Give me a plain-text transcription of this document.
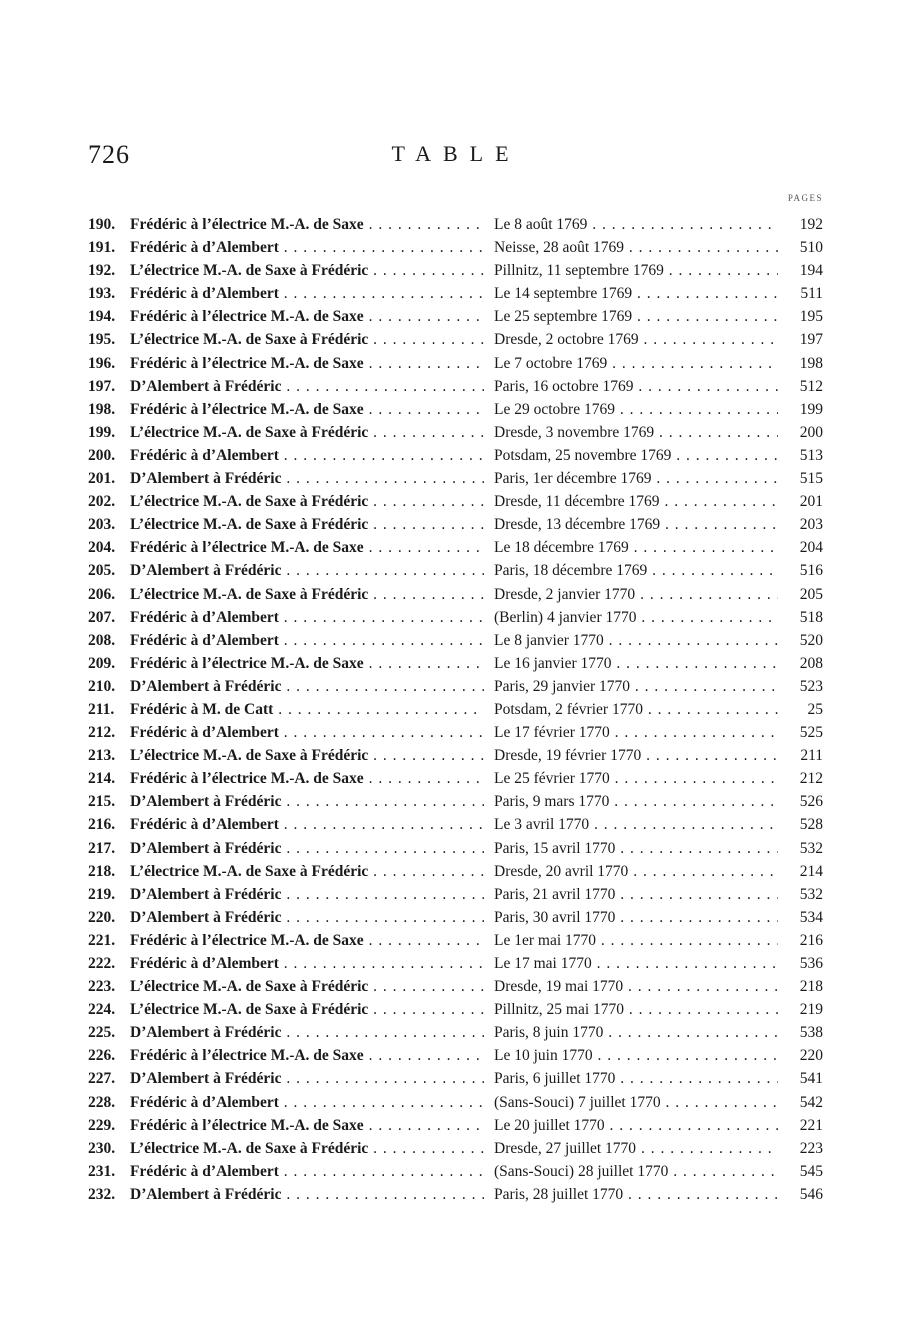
726	TABLE
PAGES
190. Frédéric à l’électrice M.-A. de Saxe . . .	Le 8 août 1769 . . .	192
191. Frédéric à d’Alembert . . .	Neisse, 28 août 1769 . . .	510
192. L’électrice M.-A. de Saxe à Frédéric . . .	Pillnitz, 11 septembre 1769 . . .	194
193. Frédéric à d’Alembert . . .	Le 14 septembre 1769 . . .	511
194. Frédéric à l’électrice M.-A. de Saxe . . .	Le 25 septembre 1769 . . .	195
195. L’électrice M.-A. de Saxe à Frédéric . . .	Dresde, 2 octobre 1769 . . .	197
196. Frédéric à l’électrice M.-A. de Saxe . . .	Le 7 octobre 1769 . . .	198
197. D’Alembert à Frédéric . . .	Paris, 16 octobre 1769 . . .	512
198. Frédéric à l’électrice M.-A. de Saxe . . .	Le 29 octobre 1769 . . .	199
199. L’électrice M.-A. de Saxe à Frédéric . . .	Dresde, 3 novembre 1769 . . .	200
200. Frédéric à d’Alembert . . .	Potsdam, 25 novembre 1769 . . .	513
201. D’Alembert à Frédéric . . .	Paris, 1er décembre 1769 . . .	515
202. L’électrice M.-A. de Saxe à Frédéric . . .	Dresde, 11 décembre 1769 . . .	201
203. L’électrice M.-A. de Saxe à Frédéric . . .	Dresde, 13 décembre 1769 . . .	203
204. Frédéric à l’électrice M.-A. de Saxe . . .	Le 18 décembre 1769 . . .	204
205. D’Alembert à Frédéric . . .	Paris, 18 décembre 1769 . . .	516
206. L’électrice M.-A. de Saxe à Frédéric . . .	Dresde, 2 janvier 1770 . . .	205
207. Frédéric à d’Alembert . . .	(Berlin) 4 janvier 1770 . . .	518
208. Frédéric à d’Alembert . . .	Le 8 janvier 1770 . . .	520
209. Frédéric à l’électrice M.-A. de Saxe . . .	Le 16 janvier 1770 . . .	208
210. D’Alembert à Frédéric . . .	Paris, 29 janvier 1770 . . .	523
211.	Frédéric à M. de Catt . . .	Potsdam, 2 février 1770 . . .	25
212. Frédéric à d’Alembert . . .	Le 17 février 1770 . . .	525
213. L’électrice M.-A. de Saxe à Frédéric . . .	Dresde, 19 février 1770 . . .	211
214. Frédéric à l’électrice M.-A. de Saxe . . .	Le 25 février 1770 . . .	212
215. D’Alembert à Frédéric . . .	Paris, 9 mars 1770 . . .	526
216. Frédéric à d’Alembert . . .	Le 3 avril 1770 . . .	528
217. D’Alembert à Frédéric . . .	Paris, 15 avril 1770 . . .	532
218. L’électrice M.-A. de Saxe à Frédéric . . .	Dresde, 20 avril 1770 . . .	214
219. D’Alembert à Frédéric . . .	Paris, 21 avril 1770 . . .	532
220. D’Alembert à Frédéric . . .	Paris, 30 avril 1770 . . .	534
221. Frédéric à l’électrice M.-A. de Saxe . . .	Le 1er mai 1770 . . .	216
222. Frédéric à d’Alembert . . .	Le 17 mai 1770 . . .	536
223. L’électrice M.-A. de Saxe à Frédéric . . .	Dresde, 19 mai 1770 . . .	218
224. L’électrice M.-A. de Saxe à Frédéric . . .	Pillnitz, 25 mai 1770 . . .	219
225. D’Alembert à Frédéric . . .	Paris, 8 juin 1770 . . .	538
226. Frédéric à l’électrice M.-A. de Saxe . . .	Le 10 juin 1770 . . .	220
227. D’Alembert à Frédéric . . .	Paris, 6 juillet 1770 . . .	541
228. Frédéric à d’Alembert . . .	(Sans-Souci) 7 juillet 1770 . . .	542
229. Frédéric à l’électrice M.-A. de Saxe . . .	Le 20 juillet 1770 . . .	221
230. L’électrice M.-A. de Saxe à Frédéric . . .	Dresde, 27 juillet 1770 . . .	223
231. Frédéric à d’Alembert . . .	(Sans-Souci) 28 juillet 1770 . . .	545
232. D’Alembert à Frédéric . . .	Paris, 28 juillet 1770 . . .	546
